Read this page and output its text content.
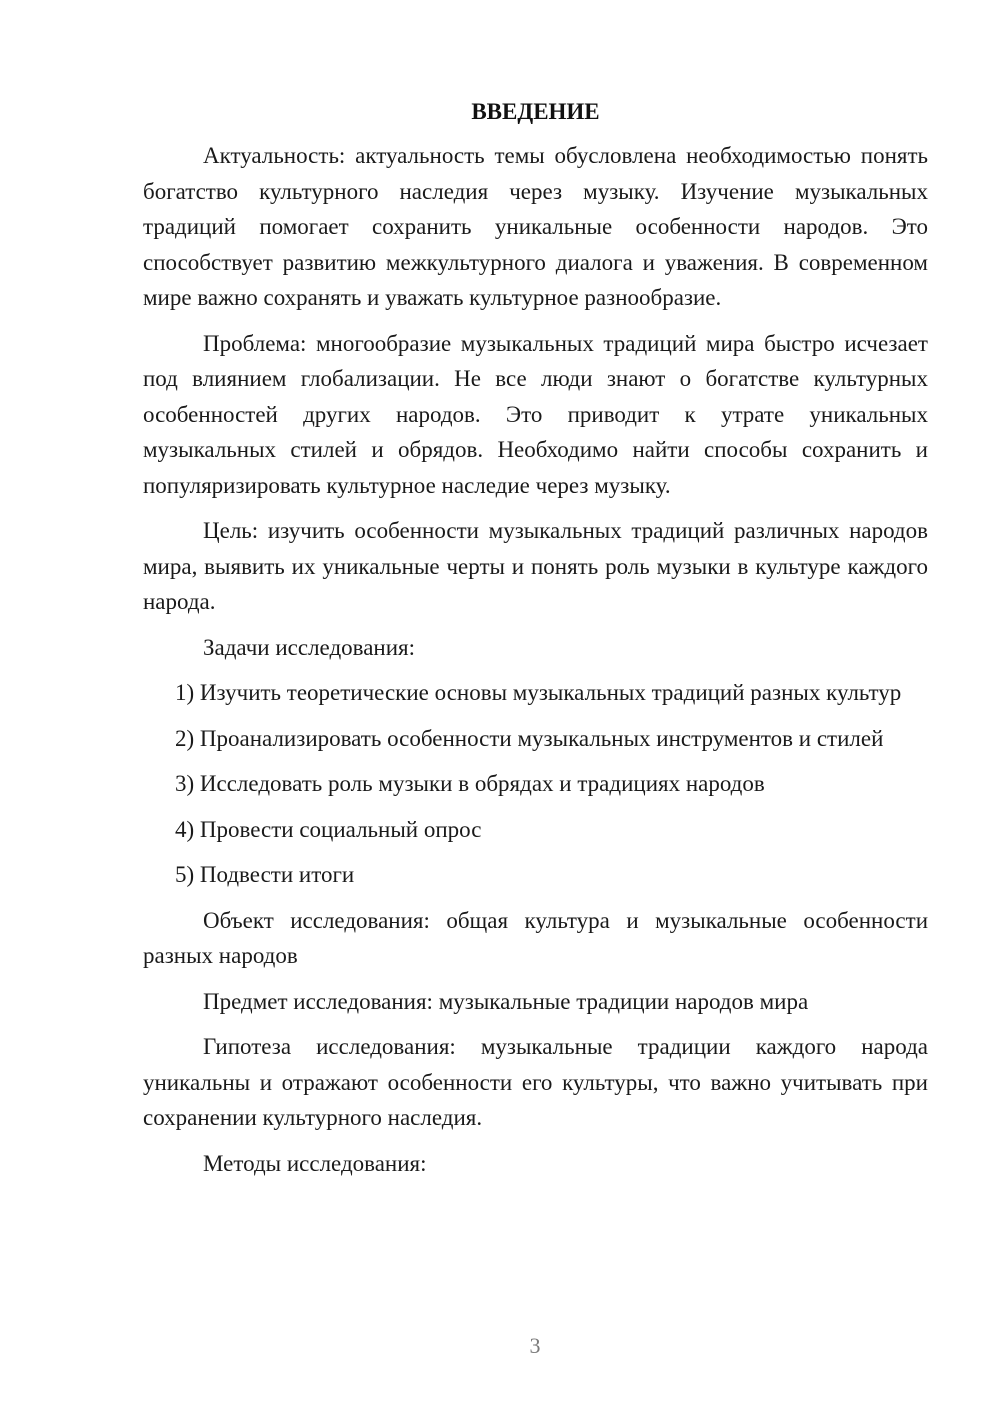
ВВЕДЕНИЕ

Актуальность: актуальность темы обусловлена необходимостью понять богатство культурного наследия через музыку. Изучение музыкальных традиций помогает сохранить уникальные особенности народов. Это способствует развитию межкультурного диалога и уважения. В современном мире важно сохранять и уважать культурное разнообразие.

Проблема: многообразие музыкальных традиций мира быстро исчезает под влиянием глобализации. Не все люди знают о богатстве культурных особенностей других народов. Это приводит к утрате уникальных музыкальных стилей и обрядов. Необходимо найти способы сохранить и популяризировать культурное наследие через музыку.

Цель: изучить особенности музыкальных традиций различных народов мира, выявить их уникальные черты и понять роль музыки в культуре каждого народа.

Задачи исследования:

1) Изучить теоретические основы музыкальных традиций разных культур

2) Проанализировать особенности музыкальных инструментов и стилей

3) Исследовать роль музыки в обрядах и традициях народов

4) Провести социальный опрос

5) Подвести итоги

Объект исследования: общая культура и музыкальные особенности разных народов

Предмет исследования: музыкальные традиции народов мира

Гипотеза исследования: музыкальные традиции каждого народа уникальны и отражают особенности его культуры, что важно учитывать при сохранении культурного наследия.

Методы исследования:

3
